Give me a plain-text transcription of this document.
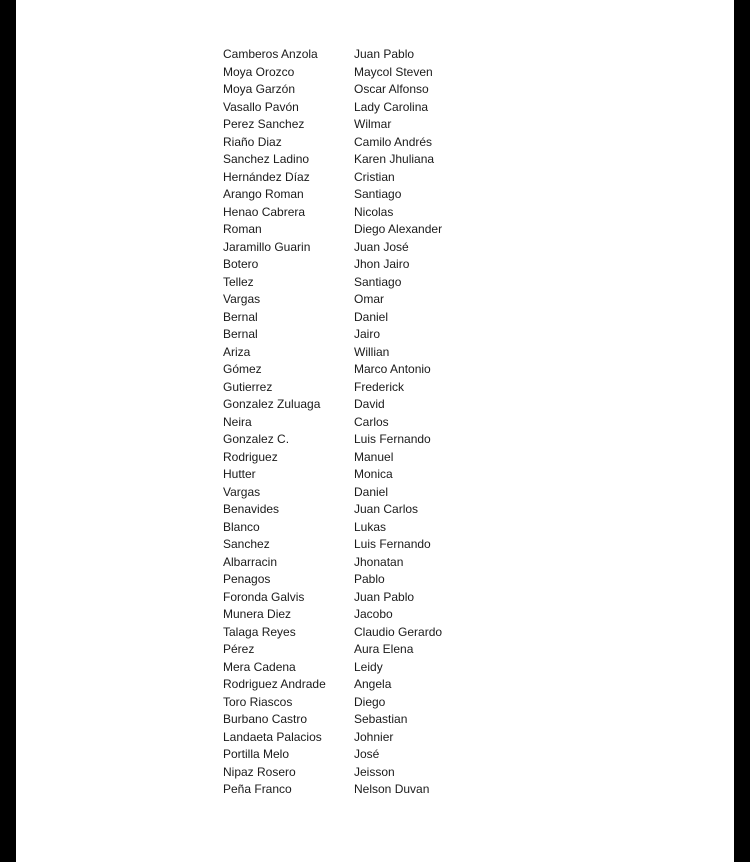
Camberos Anzola	Juan Pablo
Moya Orozco	Maycol Steven
Moya Garzón	Oscar Alfonso
Vasallo Pavón	Lady Carolina
Perez Sanchez	Wilmar
Riaño Diaz	Camilo Andrés
Sanchez Ladino	Karen Jhuliana
Hernández Díaz	Cristian
Arango Roman	Santiago
Henao Cabrera	Nicolas
Roman	Diego Alexander
Jaramillo Guarin	Juan José
Botero	Jhon Jairo
Tellez	Santiago
Vargas	Omar
Bernal	Daniel
Bernal	Jairo
Ariza	Willian
Gómez	Marco Antonio
Gutierrez	Frederick
Gonzalez Zuluaga	David
Neira	Carlos
Gonzalez C.	Luis Fernando
Rodriguez	Manuel
Hutter	Monica
Vargas	Daniel
Benavides	Juan Carlos
Blanco	Lukas
Sanchez	Luis Fernando
Albarracin	Jhonatan
Penagos	Pablo
Foronda Galvis	Juan Pablo
Munera Diez	Jacobo
Talaga Reyes	Claudio Gerardo
Pérez	Aura Elena
Mera Cadena	Leidy
Rodriguez Andrade	Angela
Toro Riascos	Diego
Burbano Castro	Sebastian
Landaeta Palacios	Johnier
Portilla Melo	José
Nipaz Rosero	Jeisson
Peña Franco	Nelson Duvan
